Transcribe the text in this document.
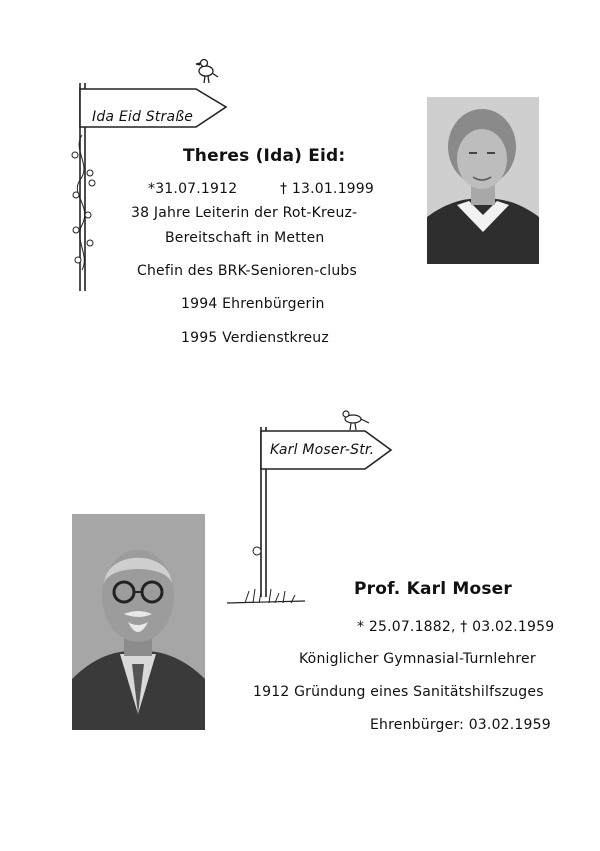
Ida Eid Straße
Theres (Ida) Eid:
*31.07.1912	† 13.01.1999
38 Jahre Leiterin der Rot-Kreuz-
Bereitschaft in Metten
Chefin des BRK-Senioren-clubs
1994 Ehrenbürgerin
1995 Verdienstkreuz
Karl Moser-Str.
Prof. Karl Moser
* 25.07.1882, † 03.02.1959
Königlicher Gymnasial-Turnlehrer
1912 Gründung eines Sanitätshilfszuges
Ehrenbürger: 03.02.1959
